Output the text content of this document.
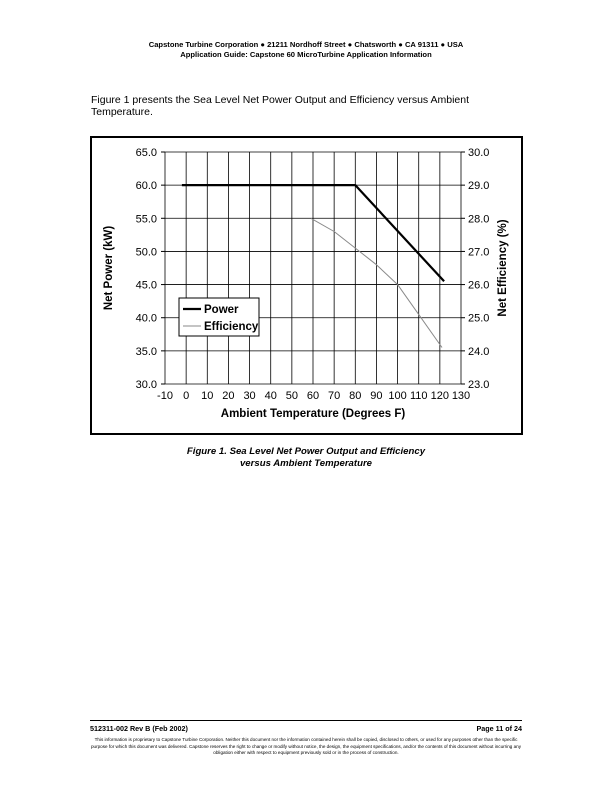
Capstone Turbine Corporation ● 21211 Nordhoff Street ● Chatsworth ● CA 91311 ● USA
Application Guide: Capstone 60 MicroTurbine Application Information
Figure 1 presents the Sea Level Net Power Output and Efficiency versus Ambient Temperature.
-10 0 10 20 30 40 50 60 70 80 90 100 110 120 130
30.0
35.0
40.0
45.0
50.0
55.0
60.0
65.0
23.0
24.0
25.0
26.0
27.0
28.0
29.0
30.0
Ambient Temperature (Degrees F)
Net Power (kW)	Net Efficiency (%)
Power
Efficiency
Figure 1. Sea Level Net Power Output and Efficiency
versus Ambient Temperature
512311-002 Rev B (Feb 2002)	Page 11 of 24
This information is proprietary to Capstone Turbine Corporation. Neither this document nor the information contained herein shall be copied, disclosed to others, or used for any purposes other than the specific purpose for which this document was delivered. Capstone reserves the right to change or modify without notice, the design, the equipment specifications, and/or the contents of this document without incurring any obligation either with respect to equipment previously sold or in the process of construction.
